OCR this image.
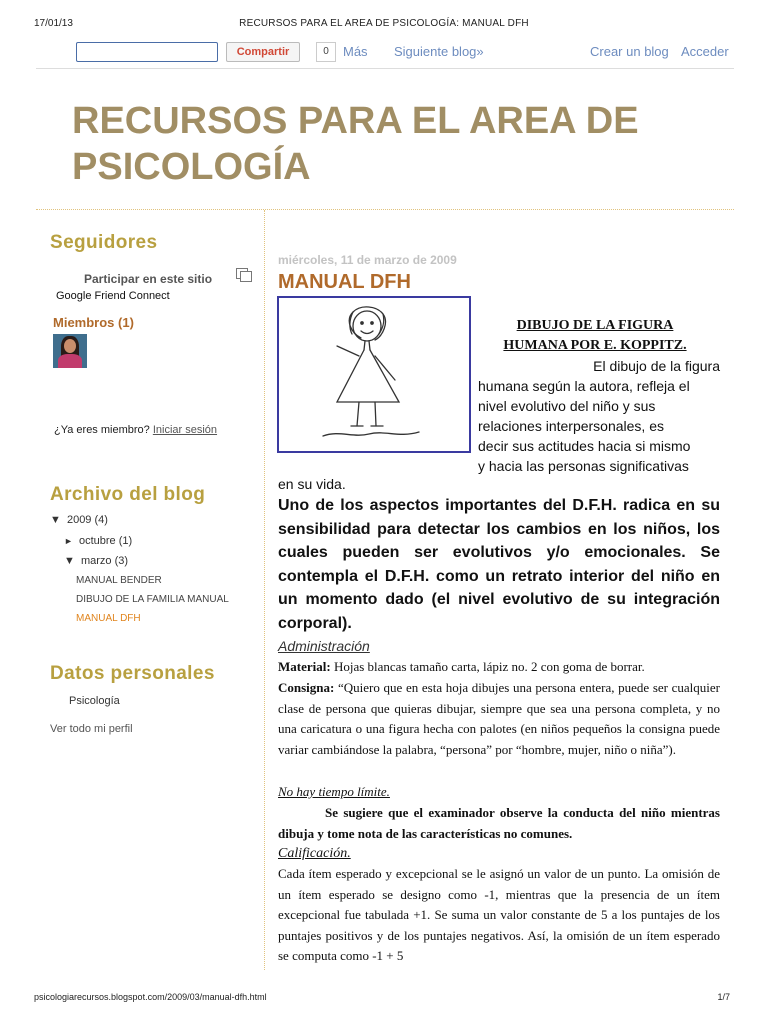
17/01/13	RECURSOS PARA EL AREA DE PSICOLOGÍA: MANUAL DFH
Compartir	0	Más Siguiente blog»	Crear un blog Acceder
RECURSOS PARA EL AREA DE
PSICOLOGÍA
Seguidores
Participar en este sitio
Google Friend Connect
Miembros (1)
¿Ya eres miembro? Iniciar sesión
Archivo del blog
▼ 2009 (4)
► octubre (1)
▼ marzo (3)
MANUAL BENDER
DIBUJO DE LA FAMILIA MANUAL
MANUAL DFH
Datos personales
Psicología
Ver todo mi perfil
miércoles, 11 de marzo de 2009
MANUAL DFH
DIBUJO DE LA FIGURA
HUMANA POR E. KOPPITZ.
El dibujo de la figura
humana según la autora, refleja el
nivel evolutivo del niño y sus
relaciones interpersonales, es
decir sus actitudes hacia si mismo
y hacia las personas significativas
en su vida.
Uno de los aspectos importantes del D.F.H. radica en su sensibilidad para detectar los cambios en los niños, los cuales pueden ser evolutivos y/o emocionales. Se contempla el D.F.H. como un retrato interior del niño en un momento dado (el nivel evolutivo de su integración corporal).
Administración
Material: Hojas blancas tamaño carta, lápiz no. 2 con goma de borrar.
Consigna: “Quiero que en esta hoja dibujes una persona entera, puede ser cualquier clase de persona que quieras dibujar, siempre que sea una persona completa, y no una caricatura o una figura hecha con palotes (en niños pequeños la consigna puede variar cambiándose la palabra, “persona” por “hombre, mujer, niño o niña”).
No hay tiempo límite.
Se sugiere que el examinador observe la conducta del niño mientras dibuja y tome nota de las características no comunes.
Calificación.
Cada ítem esperado y excepcional se le asignó un valor de un punto. La omisión de un ítem esperado se designo como -1, mientras que la presencia de un ítem excepcional fue tabulada +1. Se suma un valor constante de 5 a los puntajes de los puntajes positivos y de los puntajes negativos. Así, la omisión de un ítem esperado se computa como -1 + 5
psicologiarecursos.blogspot.com/2009/03/manual-dfh.html	1/7
